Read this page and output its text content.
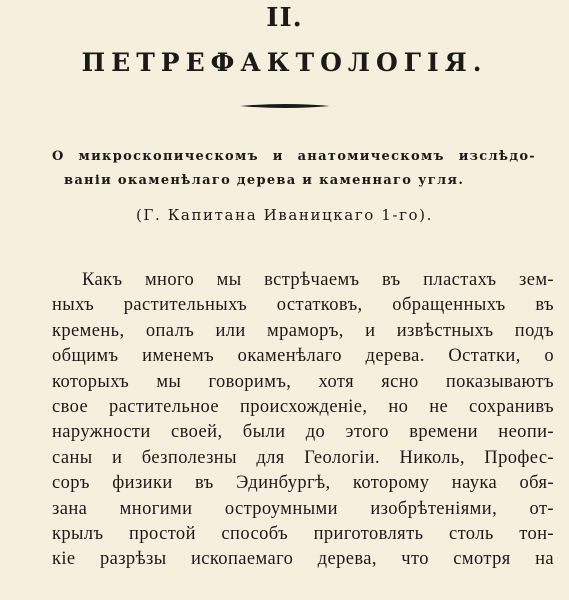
II.
ПЕТРЕФАКТОЛОГІЯ.
О микроскопическомъ и анатомическомъ изслѣдо-
ваніи окаменѣлаго дерева и каменнаго угля.
(Г. Капитана Иваницкаго 1-го).
Какъ много мы встрѣчаемъ въ пластахъ зем-
ныхъ растительныхъ остатковъ, обращенныхъ въ
кремень, опалъ или мраморъ, и извѣстныхъ подъ
общимъ именемъ окаменѣлаго дерева. Остатки, о
которыхъ мы говоримъ, хотя ясно показываютъ
свое растительное происхожденіе, но не сохранивъ
наружности своей, были до этого времени неопи-
саны и безполезны для Геологіи. Николь, Профес-
соръ физики въ Эдинбургѣ, которому наука обя-
зана многими остроумными изобрѣтеніями, от-
крылъ простой способъ приготовлять столь тон-
кіе разрѣзы ископаемаго дерева, что смотря на
